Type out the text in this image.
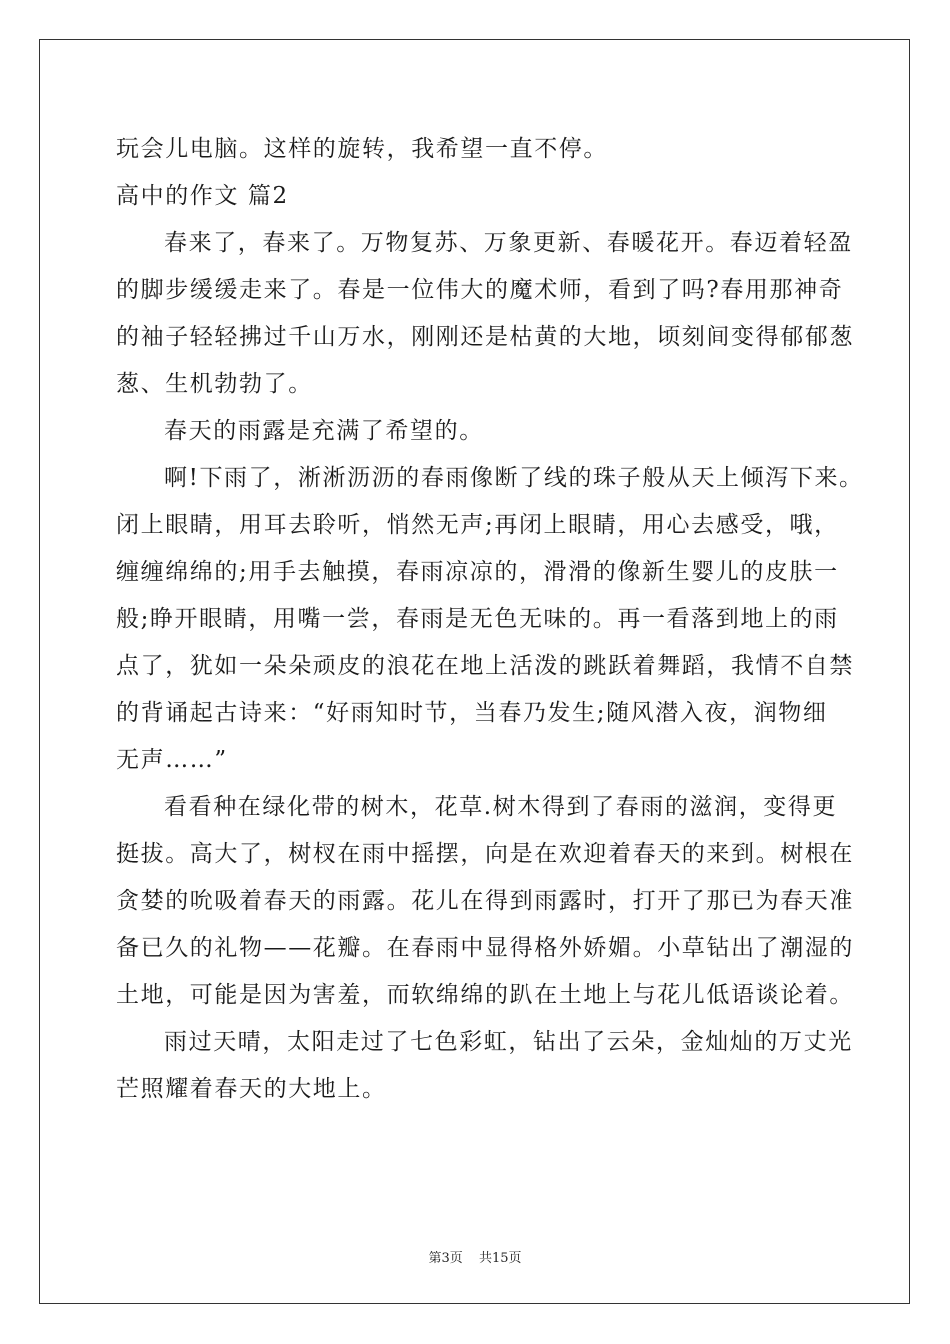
玩会儿电脑。这样的旋转，我希望一直不停。
高中的作文 篇2
春来了，春来了。万物复苏、万象更新、春暖花开。春迈着轻盈
的脚步缓缓走来了。春是一位伟大的魔术师，看到了吗?春用那神奇
的袖子轻轻拂过千山万水，刚刚还是枯黄的大地，顷刻间变得郁郁葱
葱、生机勃勃了。
春天的雨露是充满了希望的。
啊!下雨了，淅淅沥沥的春雨像断了线的珠子般从天上倾泻下来。
闭上眼睛，用耳去聆听，悄然无声;再闭上眼睛，用心去感受，哦，
缠缠绵绵的;用手去触摸，春雨凉凉的，滑滑的像新生婴儿的皮肤一
般;睁开眼睛，用嘴一尝，春雨是无色无味的。再一看落到地上的雨
点了，犹如一朵朵顽皮的浪花在地上活泼的跳跃着舞蹈，我情不自禁
的背诵起古诗来：“好雨知时节，当春乃发生;随风潜入夜，润物细
无声……”
看看种在绿化带的树木，花草.树木得到了春雨的滋润，变得更
挺拔。高大了，树杈在雨中摇摆，向是在欢迎着春天的来到。树根在
贪婪的吮吸着春天的雨露。花儿在得到雨露时，打开了那已为春天准
备已久的礼物——花瓣。在春雨中显得格外娇媚。小草钻出了潮湿的
土地，可能是因为害羞，而软绵绵的趴在土地上与花儿低语谈论着。
雨过天晴，太阳走过了七色彩虹，钻出了云朵，金灿灿的万丈光
芒照耀着春天的大地上。
第3页 共15页
